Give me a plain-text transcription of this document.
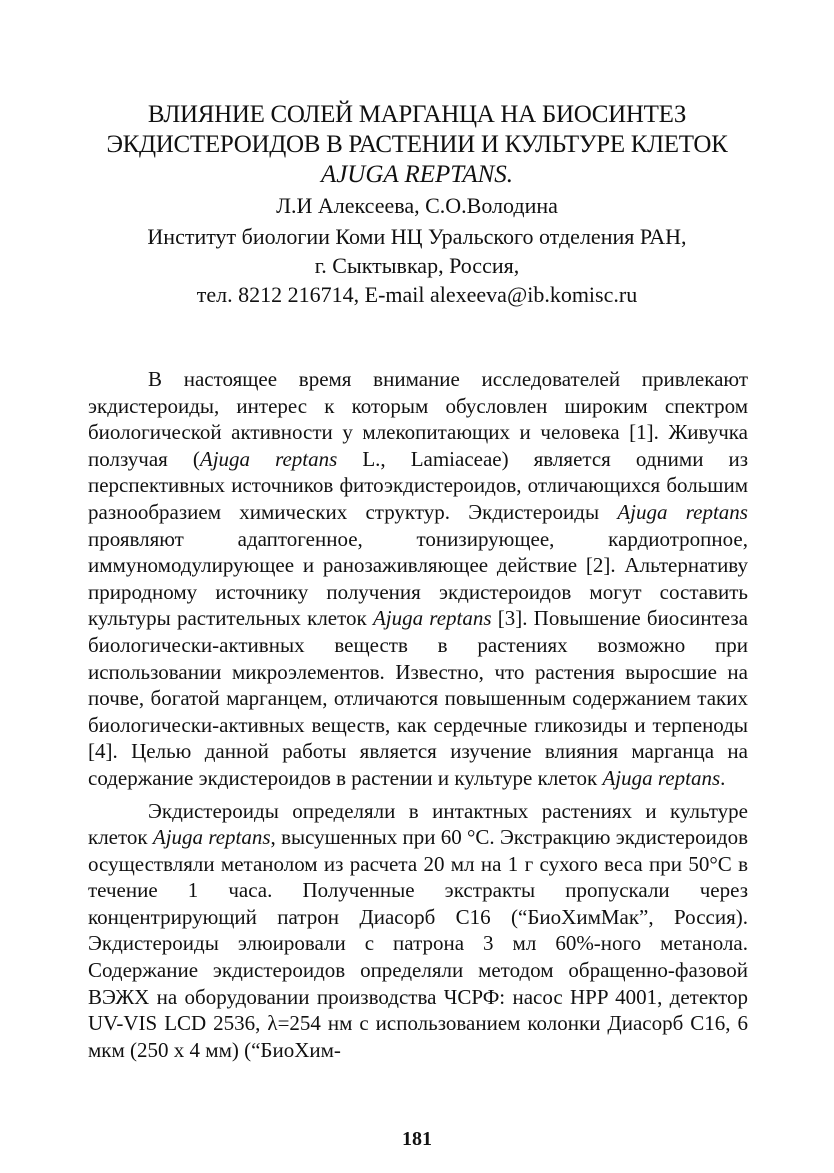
ВЛИЯНИЕ СОЛЕЙ МАРГАНЦА НА БИОСИНТЕЗ
ЭКДИСТЕРОИДОВ В РАСТЕНИИ И КУЛЬТУРЕ КЛЕТОК
AJUGA REPTANS.
Л.И Алексеева, С.О.Володина
Институт биологии Коми НЦ Уральского отделения РАН,
г. Сыктывкар, Россия,
тел. 8212 216714, E-mail alexeeva@ib.komisc.ru

В настоящее время внимание исследователей привлекают экдистероиды, интерес к которым обусловлен широким спектром биологической активности у млекопитающих и человека [1]. Живучка ползучая (Ajuga reptans L., Lamiaceae) является одними из перспективных источников фитоэкдистероидов, отличающихся большим разнообразием химических структур. Экдистероиды Ajuga reptans проявляют адаптогенное, тонизирующее, кардиотропное, иммуномодулирующее и ранозаживляющее действие [2]. Альтернативу природному источнику получения экдистероидов могут составить культуры растительных клеток Ajuga reptans [3]. Повышение биосинтеза биологически-активных веществ в растениях возможно при использовании микроэлементов. Известно, что растения выросшие на почве, богатой марганцем, отличаются повышенным содержанием таких биологически-активных веществ, как сердечные гликозиды и терпеноды [4]. Целью данной работы является изучение влияния марганца на содержание экдистероидов в растении и культуре клеток Ajuga reptans.

Экдистероиды определяли в интактных растениях и культуре клеток Ajuga reptans, высушенных при 60 °С. Экстракцию экдистероидов осуществляли метанолом из расчета 20 мл на 1 г сухого веса при 50°С в течение 1 часа. Полученные экстракты пропускали через концентрирующий патрон Диасорб С16 (“БиоХимМак”, Россия). Экдистероиды элюировали с патрона 3 мл 60%-ного метанола. Содержание экдистероидов определяли методом обращенно-фазовой ВЭЖХ на оборудовании производства ЧСРФ: насос HPP 4001, детектор UV-VIS LCD 2536, λ=254 нм с использованием колонки Диасорб С16, 6 мкм (250 х 4 мм) (“БиоХим-

181
